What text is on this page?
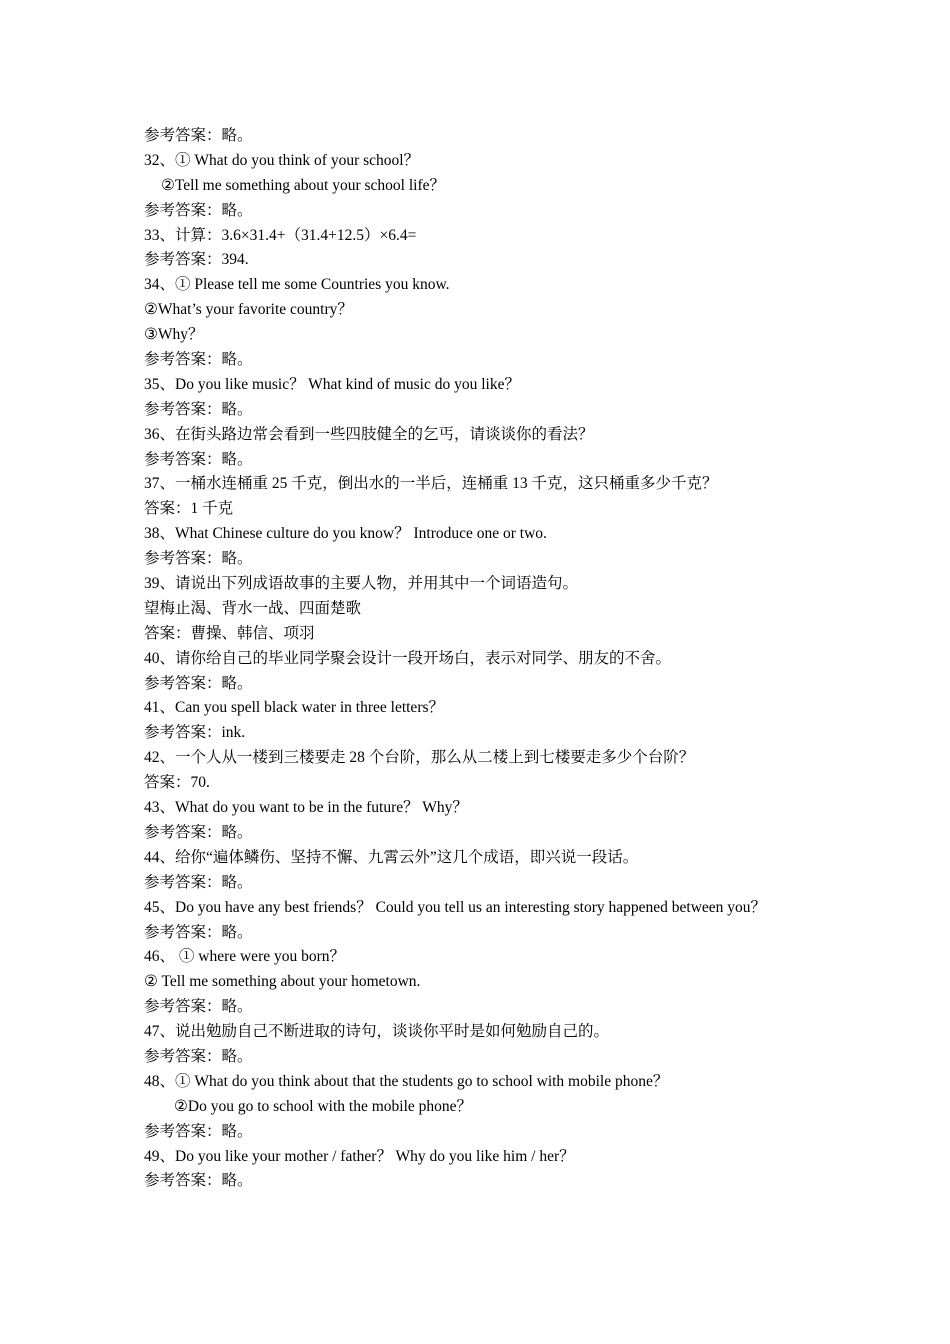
参考答案：略。
32、① What do you think of your school？
②Tell me something about your school life？
参考答案：略。
33、计算：3.6×31.4+（31.4+12.5）×6.4=
参考答案：394.
34、① Please tell me some Countries you know.
②What’s your favorite country？
③Why？
参考答案：略。
35、Do you like music？ What kind of music do you like？
参考答案：略。
36、在街头路边常会看到一些四肢健全的乞丐，请谈谈你的看法？
参考答案：略。
37、一桶水连桶重 25 千克，倒出水的一半后，连桶重 13 千克，这只桶重多少千克？
答案：1 千克
38、What Chinese culture do you know？ Introduce one or two.
参考答案：略。
39、请说出下列成语故事的主要人物，并用其中一个词语造句。
望梅止渴、背水一战、四面楚歌
答案：曹操、韩信、项羽
40、请你给自己的毕业同学聚会设计一段开场白，表示对同学、朋友的不舍。
参考答案：略。
41、Can you spell black water in three letters？
参考答案：ink.
42、一个人从一楼到三楼要走 28 个台阶，那么从二楼上到七楼要走多少个台阶？
答案：70.
43、What do you want to be in the future？ Why？
参考答案：略。
44、给你“遍体鳞伤、坚持不懈、九霄云外”这几个成语，即兴说一段话。
参考答案：略。
45、Do you have any best friends？ Could you tell us an interesting story happened between you？
参考答案：略。
46、 ① where were you born？
② Tell me something about your hometown.
参考答案：略。
47、说出勉励自己不断进取的诗句，谈谈你平时是如何勉励自己的。
参考答案：略。
48、① What do you think about that the students go to school with mobile phone？
②Do you go to school with the mobile phone？
参考答案：略。
49、Do you like your mother / father？ Why do you like him / her？
参考答案：略。
